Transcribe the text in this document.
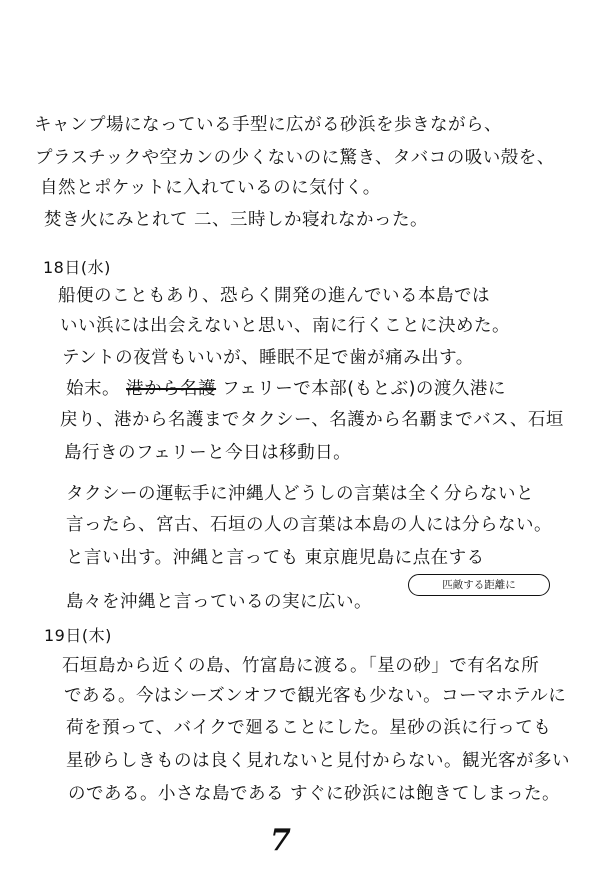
キャンプ場になっている手型に広がる砂浜を歩きながら、
プラスチックや空カンの少くないのに驚き、タバコの吸い殻を、
自然とポケットに入れているのに気付く。
焚き火にみとれて 二、三時しか寝れなかった。
18日(水)
船便のこともあり、恐らく開発の進んでいる本島では
いい浜には出会えないと思い、南に行くことに決めた。
テントの夜営もいいが、睡眠不足で歯が痛み出す。
始末。 港から名護 フェリーで本部(もとぶ)の渡久港に
戻り、港から名護までタクシー、名護から名覇までバス、石垣
島行きのフェリーと今日は移動日。
タクシーの運転手に沖縄人どうしの言葉は全く分らないと
言ったら、宮古、石垣の人の言葉は本島の人には分らない。
と言い出す。沖縄と言っても 東京鹿児島に点在する
匹敵する距離に
島々を沖縄と言っているの実に広い。
19日(木)
石垣島から近くの島、竹富島に渡る。「星の砂」で有名な所
である。今はシーズンオフで観光客も少ない。コーマホテルに
荷を預って、バイクで廻ることにした。星砂の浜に行っても
星砂らしきものは良く見れないと見付からない。観光客が多い
のである。小さな島である すぐに砂浜には飽きてしまった。
7
